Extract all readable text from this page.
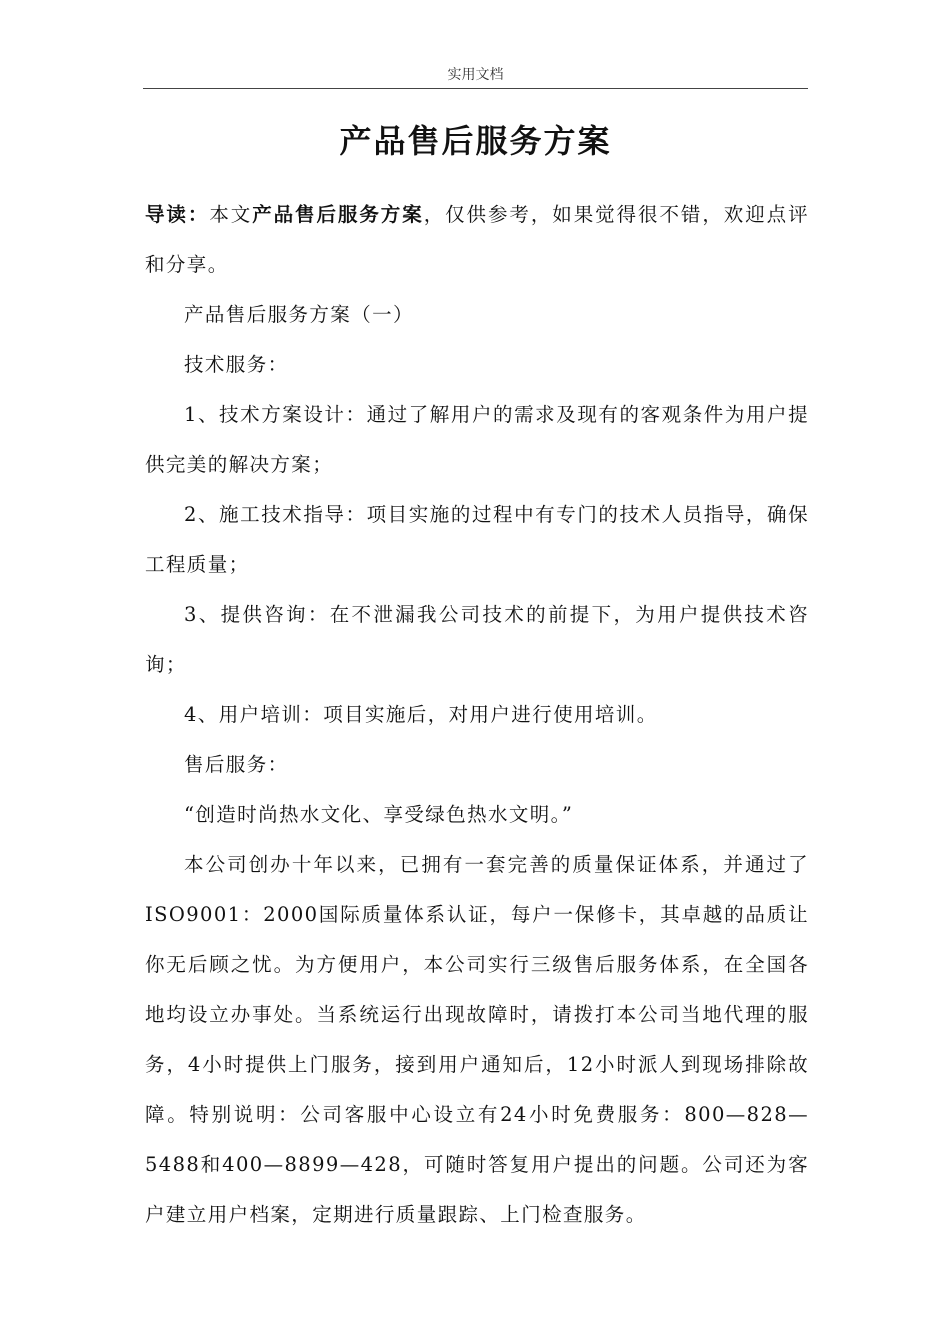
实用文档
产品售后服务方案

导读：本文产品售后服务方案，仅供参考，如果觉得很不错，欢迎点评和分享。

产品售后服务方案（一）

技术服务：

1、技术方案设计：通过了解用户的需求及现有的客观条件为用户提供完美的解决方案；

2、施工技术指导：项目实施的过程中有专门的技术人员指导，确保工程质量；

3、提供咨询：在不泄漏我公司技术的前提下，为用户提供技术咨询；

4、用户培训：项目实施后，对用户进行使用培训。

售后服务：

“创造时尚热水文化、享受绿色热水文明。”

本公司创办十年以来，已拥有一套完善的质量保证体系，并通过了ISO9001：2000国际质量体系认证，每户一保修卡，其卓越的品质让你无后顾之忧。为方便用户，本公司实行三级售后服务体系，在全国各地均设立办事处。当系统运行出现故障时，请拨打本公司当地代理的服务，4小时提供上门服务，接到用户通知后，12小时派人到现场排除故障。特别说明：公司客服中心设立有24小时免费服务：800—828—5488和400—8899—428，可随时答复用户提出的问题。公司还为客户建立用户档案，定期进行质量跟踪、上门检查服务。
